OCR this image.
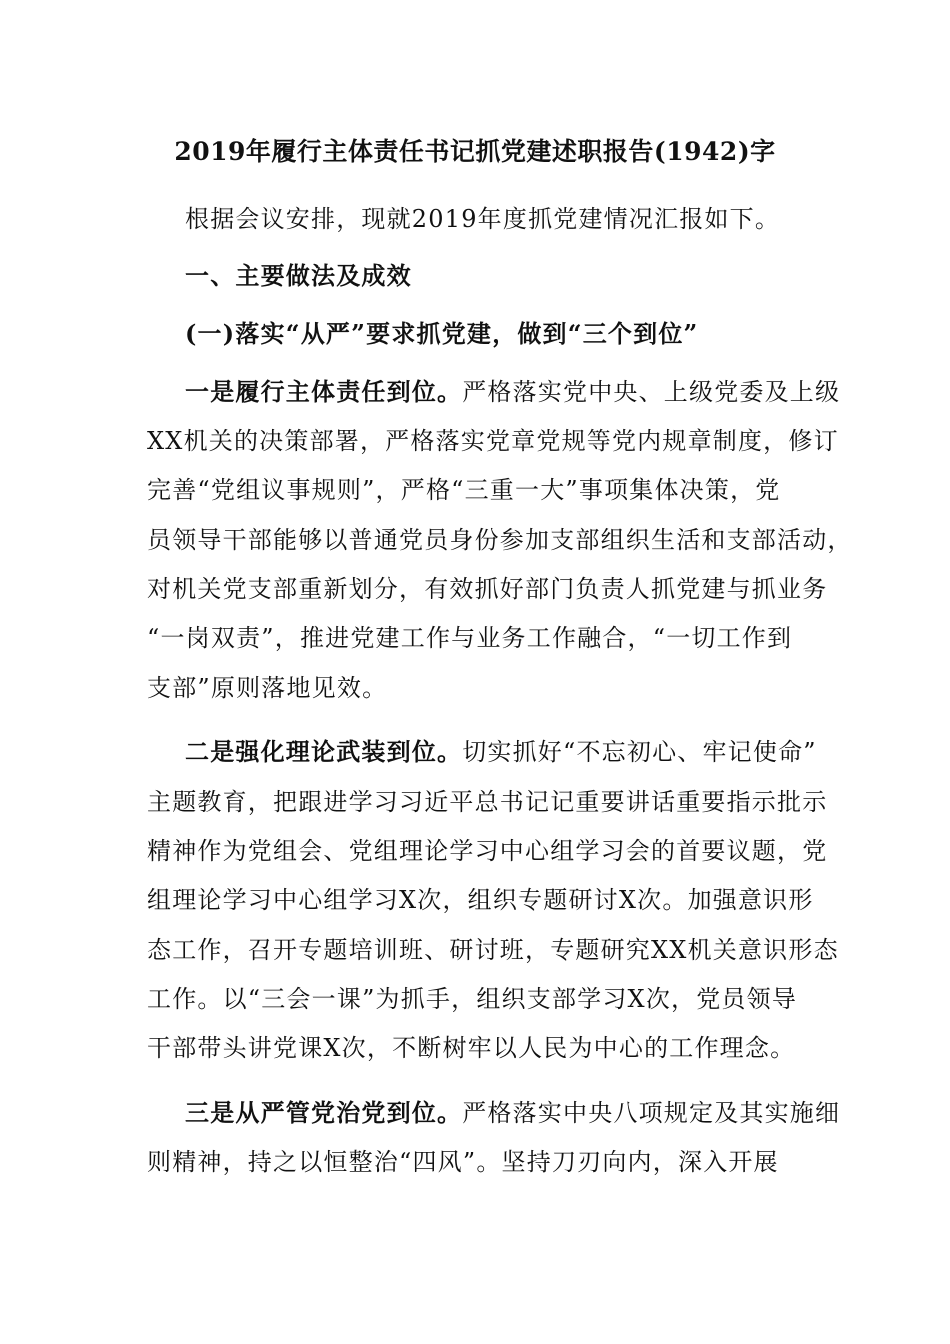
2019年履行主体责任书记抓党建述职报告(1942)字
根据会议安排，现就2019年度抓党建情况汇报如下。
一、主要做法及成效
(一)落实“从严”要求抓党建，做到“三个到位”
一是履行主体责任到位。严格落实党中央、上级党委及上级
XX机关的决策部署，严格落实党章党规等党内规章制度，修订
完善“党组议事规则”，严格“三重一大”事项集体决策，党
员领导干部能够以普通党员身份参加支部组织生活和支部活动，
对机关党支部重新划分，有效抓好部门负责人抓党建与抓业务
“一岗双责”，推进党建工作与业务工作融合，“一切工作到
支部”原则落地见效。
二是强化理论武装到位。切实抓好“不忘初心、牢记使命”
主题教育，把跟进学习习近平总书记记重要讲话重要指示批示
精神作为党组会、党组理论学习中心组学习会的首要议题，党
组理论学习中心组学习X次，组织专题研讨X次。加强意识形
态工作，召开专题培训班、研讨班，专题研究XX机关意识形态
工作。以“三会一课”为抓手，组织支部学习X次，党员领导
干部带头讲党课X次，不断树牢以人民为中心的工作理念。
三是从严管党治党到位。严格落实中央八项规定及其实施细
则精神，持之以恒整治“四风”。坚持刀刃向内，深入开展
